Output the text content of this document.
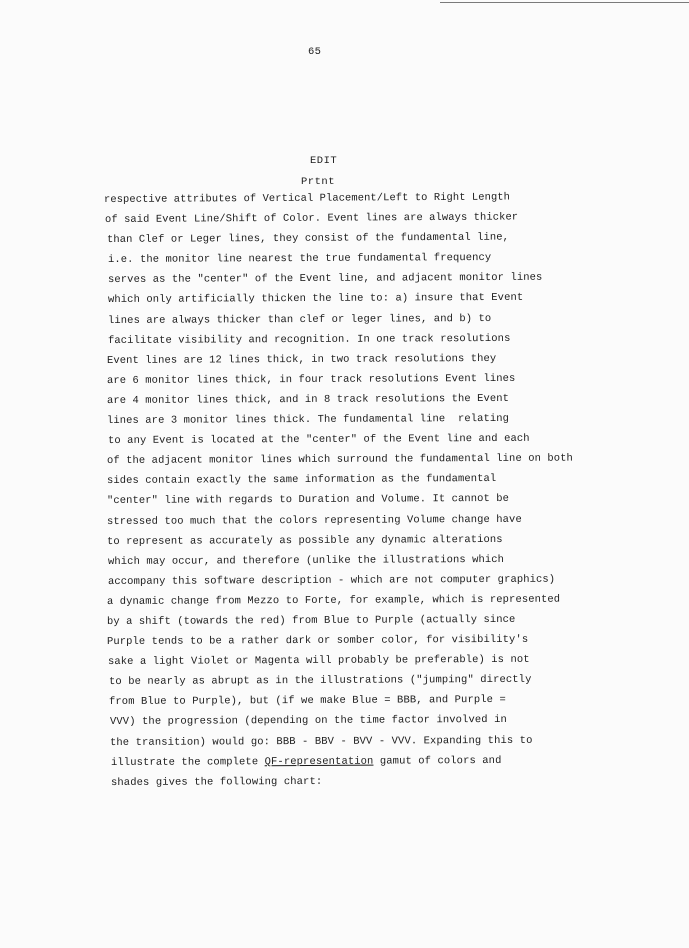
65
EDIT
Prtnt
respective attributes of Vertical Placement/Left to Right Length
of said Event Line/Shift of Color. Event lines are always thicker
than Clef or Leger lines, they consist of the fundamental line,
i.e. the monitor line nearest the true fundamental frequency
serves as the "center" of the Event line, and adjacent monitor lines
which only artificially thicken the line to: a) insure that Event
lines are always thicker than clef or leger lines, and b) to
facilitate visibility and recognition. In one track resolutions
Event lines are 12 lines thick, in two track resolutions they
are 6 monitor lines thick, in four track resolutions Event lines
are 4 monitor lines thick, and in 8 track resolutions the Event
lines are 3 monitor lines thick. The fundamental line  relating
to any Event is located at the "center" of the Event line and each
of the adjacent monitor lines which surround the fundamental line on both
sides contain exactly the same information as the fundamental
"center" line with regards to Duration and Volume. It cannot be
stressed too much that the colors representing Volume change have
to represent as accurately as possible any dynamic alterations
which may occur, and therefore (unlike the illustrations which
accompany this software description - which are not computer graphics)
a dynamic change from Mezzo to Forte, for example, which is represented
by a shift (towards the red) from Blue to Purple (actually since
Purple tends to be a rather dark or somber color, for visibility's
sake a light Violet or Magenta will probably be preferable) is not
to be nearly as abrupt as in the illustrations ("jumping" directly
from Blue to Purple), but (if we make Blue = BBB, and Purple =
VVV) the progression (depending on the time factor involved in
the transition) would go: BBB - BBV - BVV - VVV. Expanding this to
illustrate the complete QF-representation gamut of colors and
shades gives the following chart:
